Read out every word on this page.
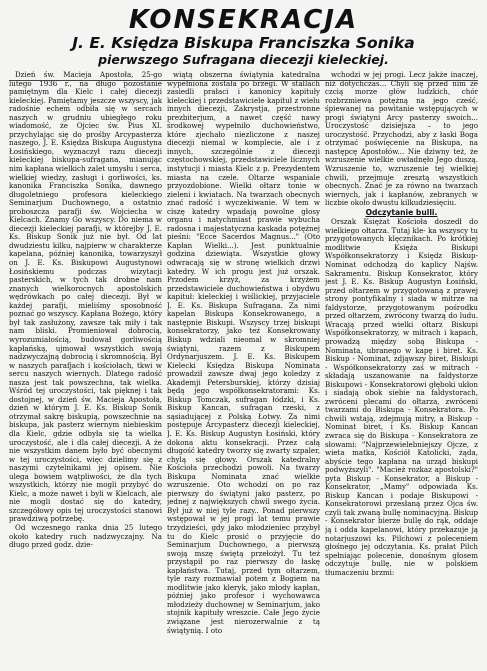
KONSEKRACJA
J. E. Księdza Biskupa Franciszka Sonika
pierwszego Sufragana diecezji kieleckiej.

Dzień św. Macieja Apostoła, 25-go lutego 1936 r., na długo pozostanie pamiętnym dla Kielc i całej diecezji kieleckiej. Pamiętamy jeszcze wszyscy, jak radośnie echem odbiła się w sercach naszych w grudniu ubiegłego roku wiadomość, że Ojciec św. Pius XI. przychylając się do prośby Arcypasterza naszego, J. E. Księdza Biskupa Augustyna Łosińskiego, wyznaczył razu diecezji kieleckiej biskupa-sufragana, mianując nim kapłana wielkich zalet umysłu i serca, wielkiej wiedzy, zasługi i gorliwości, ks. kanonika Franciszka Sonika, dawnego długoletniego profesora kieleckiego Seminarjum Duchownego, a ostatnio proboszcza parafji św. Wojciecha w Kielcach. Znamy Go wszyscy. Do niema w diecezji kieleckiej parafji, w którejby J. E. Ks. Biskup Sonik już nie był. Od lat dwudziestu kilku, najpierw w charakterze kapelana, później kanonika, towarzyszył on J. E. Ks. Biskupowi Augustynowi Łosińskiemu podczas wizytacji pasterskich, w tych tak drobne nam znanych wielkorocnych apostolskich wędrówkach po całej diecezji. Był w każdej parafji, mieliśmy sposobność poznać go wszyscy. Kapłana Bożego, który był tak zasłużony, zawsze tak miły i tak nam bliski. Promieniował dobrocią, wyrozumiałością, budował gorliwością kapłańską, ujmował wszystkich swoją nadzwyczajną dobrocią i skromnością. Byl w naszych parafjach i kościołach, tkwi w sercu naszych wiernych. Dlatego radość nasza jest tak powszechna, tak wielka. Wśród tej uroczystości, tak pięknej i tak dostojnej, w dzień św. Macieja Apostoła, dzień w którym J. E. Ks. Biskup Sonik otrzymał sakrę biskupią, powszechnie na biskupa, jak pasterz wiernym niebieskim dla Kielc, gdzie odbyła się ta wielka uroczystość, ale i dla całej diecezji. A że nie wszystkim danem było być obecnymi w tej uroczystości, więc dzielimy się z naszymi czytelnikami jej opisem. Nie ulega bowiem wątpliwości, że dla tych wszystkich, którzy nie mogli przybyć do Kielc, a może nawet i byli w Kielcach, ale nie mogli dostać się do katedry, szczegółowy opis tej uroczystości stanowi prawdziwą potrzebę.

Od wczesnego ranka dnia 25 lutego około katedry ruch nadzwyczajny. Na długo przed godz. dzie-

wiątą obszerna świątynia katedralna wypełniona została po brzegi. W stallach zasiedli prałaci i kanonicy kapituły kieleckiej i przedstawiciele kapituł z wielu innych diecezji, Zakrystja, przestronne prezbiterjum, a nawet część nawy środkowej wypełniło duchowieństwo, które zjechało niezliczone z naszej diecezji niemal w komplecie, ale i z innych, szczególnie z diecezji częstochowskiej, przedstawiciele licznych instytucji i miasta Kielc z p. Prezydentem miasta na czele. Oltarze wspaniale przyozdobione. Wielki ołtarz tonie w zieleni i kwiatach. Na twarzach obecnych znać radość i wyczekiwanie. W tem w ciszę katedry wpadają powolne głosy organu i natychmiast prawie wybucha radosna i majestatyczna kaskada potężnej pieśni: "Ecce Sacerdos Magnus..." (Oto Kapłan Wielki...). Jest punktualnie godzina dziewiąta. Wszystkie głowy odwracają się w stronę wielkich drzwi katedry. W ich progu jest już orszak. Przodem krzyż, za krzyżem przedstawiciele duchowieństwa i obydwu kapituł: kieleckiej i wiślickiej, przyjaciele J. E. Ks. Biskupa Sufragana. Za nimi kapelan Biskupa Konsekrowanego, a następnie Biskupi. Wszyscy trzej biskupi konsekratorzy, jako też Konsekrowany Biskup wdziali nieomal w skromniej świątyni, razem z Biskupem Ordynarjuszem. J. E. Ks. Biskupem Kielecki Księdza Biskupa Nominata prowadził zawsze dwaj jego koledzy z Akademji Petersburskiej, którzy dzisiaj będą jego współkonsekratorami: Ks. Biskup Tomczak, sufragan łódzki, i Ks. Biskup Kancan, sufragan rzeski, z sąsiadującej z Polską Łotwy. Za nimi postępuje Arcypasterz diecezji kieleckiej, J. E. Ks. Biskup Augustyn Łosiński, który dokona aktu konsekracji. Przez całą długość katedry tworzy się zwarty szpaler, chylą się głowy. Orszak katedralny Kościoła przechodzi powoli. Na twarzy Biskupa Nominata znać wielkie wzruszenie. Oto wchodzi on po raz pierwszy do świątyni jako pasterz, po jednej z największych chwil swego życia. Był już w niej tyle razy.. Ponad pierwszy wstępował w jej progi lat temu prawie trzydzieści, gdy jako młodzieniec przybył tu do Kielc prosić o przyjęcie do Seminarjum Duchownego, a pierwszą swoją mszę świętą przełożył. Tu też przystąpił po raz pierwszy do łaskę kapłaństwa. Tutaj, przed tym ołtarzem, tyle razy rozmawiał potem z Bogiem na modlitwie jako kleryk, jako młody kapłan, później jako profesor i wychowawca młodzieży duchownej w Seminarjum, jako stojnik kapituły wreszcie. Całe Jego życie związane jest nierozerwalnie z tą świątynią. I oto

wchodzi w jej progi. Lecz jakże inaczej, niż dotychczas... Chyli się przed nim ze czcią morze głów ludzkich, chór rozbrzmiewa potężną na jego cześć, śpiewanej na powitanie wstępujących w progi świątyni Arcy pasterzy swoich... Uroczystość dzisiejsza – to jego uroczystość. Przychodzi, aby z łaski Boga otrzymać poświęcenie na Biskupa, na następcę Apostołów... Nie dziwny też, że wzruszenie wielkie owładnęło Jego duszą. Wzruszenie to, wzruszenie tej wielkiej chwili, przejmuje zresztą wszystkich obecnych. Znać je za równo na twarzach wiernych, jak i kapłanów, zebranych w liczbie około dwustu kilkudziesięciu.

Odczytanie bulli.

Orszak Księżat Kościoła doszedł do wielkiego ołtarza. Tutaj kle- ka wszyscy tu przygotowanych klęcznikach. Po krótkiej modlitwie Księża Biskupi Współkonsekratorzy i Księdz Biskup-Nominat odchodzą do kaplicy Najśw. Sakramentu. Biskup Konsekrator, który jest J. E. Ks. Biskup Augustyn Łosiński, przed ołtarzem w przygotowaną z prawej strony pontyfikalny i siada w mitrze na faldystorze, przygotowanym pośrodku przed ołtarzem, zwrócony twarzą do ludu. Wracają przed wielki ołtarz Biskupi Współkonsekratorzy, w mitrach i kapach, prowadzą między sobą Biskupa - Nominata, ubranego w kapę i biret. Ks. Biskup - Nominat, zdjąwszy biret, Biskupi - Współkonsekratorzy zaś w mitrach - składają uszanowanie na faldystorze Biskupowi - Konsekratorowi głęboki ukłon i siadają obok siebie na faldystorach, zwróceni plecami do ołtarza, zwróceni twarzami do Biskupa - Konsekratora. Po chwili wstają, zdejmują mitry, a Biskup - Nominat biret, i Ks. Biskup Kancan zwraca się do Biskupa - Konsekratora ze słowami: "Najprzewielebniejszy Ojcze, z wieta matka, Kościół Katolicki, żąda, abyście tego kapłana na urząd biskupi podwyższyli". "Macież rozkaz apostolski?" pyta Biskup - Konsekrator, a Biskup - Konsekrator, „Mamy" odpowiada Ks. Biskup Kancan i podaje Biskupowi - Konsekratorowi przesłaną przez Ojca św. czyli tak zwaną bullę nominacyjną. Biskup - Konsekrator bierze bullę do rąk, oddaje ją i odda kapelanowi, który przekazuje ją notarjuszowi ks. Pilchowi z poleceniem głośnego jej odczytania. Ks. prałat Pilch spełniając polecenie, donośnym głosem odczytuje bullę, nie w polskiem tłumaczeniu brzmi:
